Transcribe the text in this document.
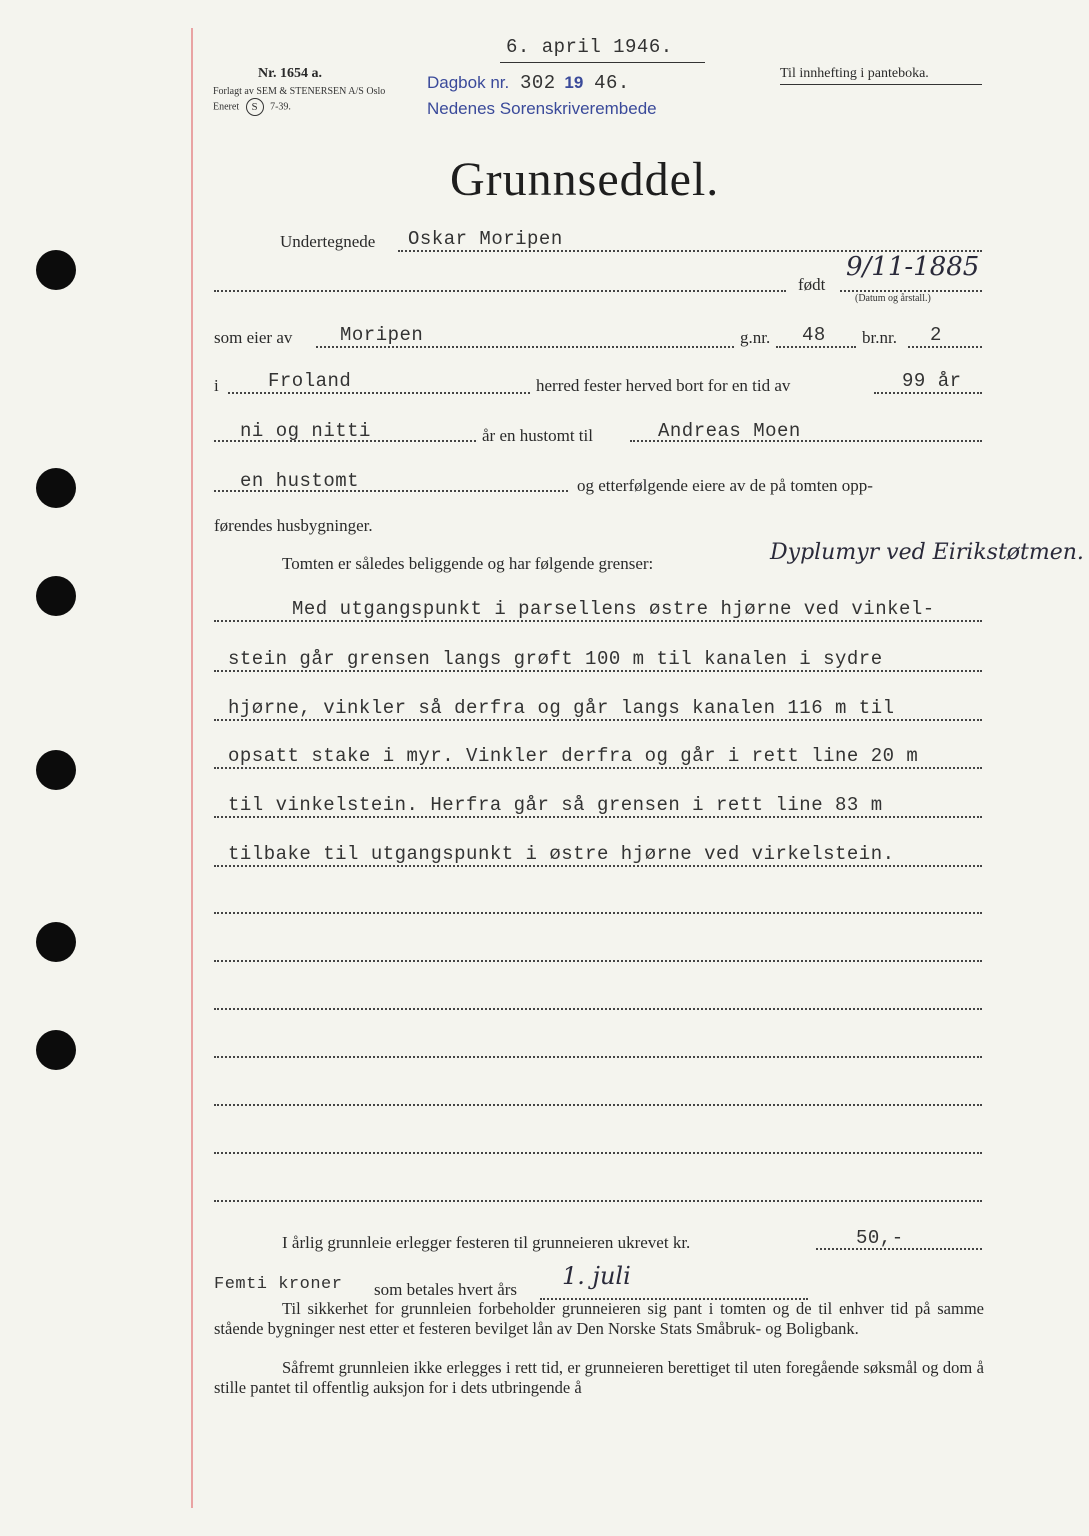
Nr. 1654 a.
Forlagt av SEM & STENERSEN A/S Oslo
Eneret S 7-39.
6. april 1946.
Dagbok nr. 302 19 46.
Nedenes Sorenskriverembede
Til innhefting i panteboka.
Grunnseddel.
Undertegnede Oskar Moripen
født
9/11-1885
(Datum og årstall.)
som eier av	Moripen	g.nr. 48 br.nr. 2
i	Froland	herred fester herved bort for en tid av	99 år
ni og nitti	år en hustomt til	Andreas Moen
en hustomt	og etterfølgende eiere av de på tomten opp-
førendes husbygninger.
Tomten er således beliggende og har følgende grenser:	Dyplumyr ved Eirikstøtmen.
Med utgangspunkt i parsellens østre hjørne ved vinkel-
stein går grensen langs grøft 100 m til kanalen i sydre
hjørne, vinkler så derfra og går langs kanalen 116 m til
opsatt stake i myr. Vinkler derfra og går i rett line 20 m
til vinkelstein. Herfra går så grensen i rett line 83 m
tilbake til utgangspunkt i østre hjørne ved virkelstein.
I årlig grunnleie erlegger festeren til grunneieren ukrevet kr.	50,-
Femti kroner som betales hvert års 1. juli
Til sikkerhet for grunnleien forbeholder grunneieren sig pant i tomten og de til enhver tid på samme stående bygninger nest etter et festeren bevilget lån av Den Norske Stats Småbruk- og Boligbank.
Såfremt grunnleien ikke erlegges i rett tid, er grunneieren berettiget til uten foregående søksmål og dom å stille pantet til offentlig auksjon for i dets utbringende å
